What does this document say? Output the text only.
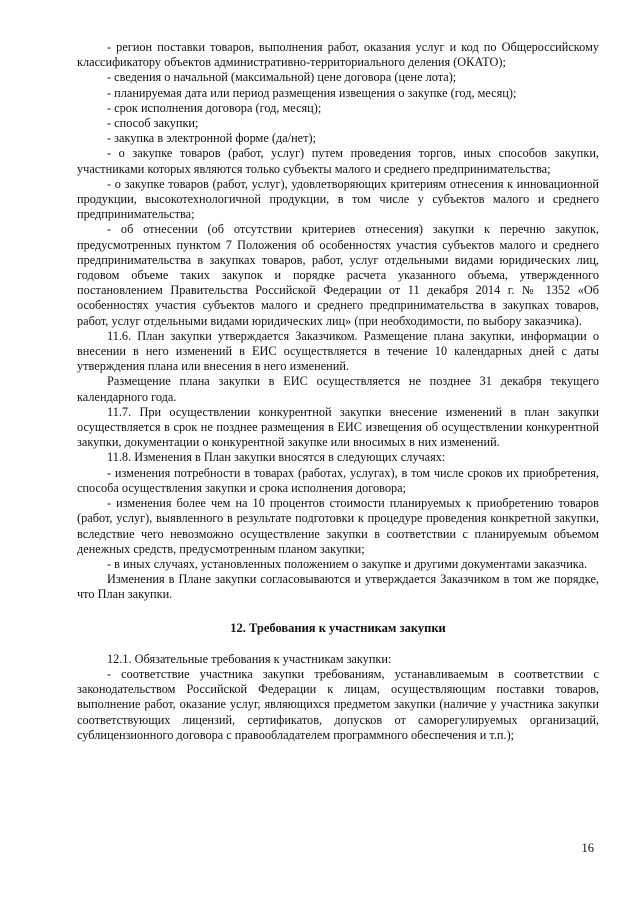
- регион поставки товаров, выполнения работ, оказания услуг и код по Общероссийскому классификатору объектов административно-территориального деления (ОКАТО);

- сведения о начальной (максимальной) цене договора (цене лота);

- планируемая дата или период размещения извещения о закупке (год, месяц);

- срок исполнения договора (год, месяц);

- способ закупки;

- закупка в электронной форме (да/нет);

- о закупке товаров (работ, услуг) путем проведения торгов, иных способов закупки, участниками которых являются только субъекты малого и среднего предпринимательства;

- о закупке товаров (работ, услуг), удовлетворяющих критериям отнесения к инновационной продукции, высокотехнологичной продукции, в том числе у субъектов малого и среднего предпринимательства;

- об отнесении (об отсутствии критериев отнесения) закупки к перечню закупок, предусмотренных пунктом 7 Положения об особенностях участия субъектов малого и среднего предпринимательства в закупках товаров, работ, услуг отдельными видами юридических лиц, годовом объеме таких закупок и порядке расчета указанного объема, утвержденного постановлением Правительства Российской Федерации от 11 декабря 2014 г. № 1352 «Об особенностях участия субъектов малого и среднего предпринимательства в закупках товаров, работ, услуг отдельными видами юридических лиц» (при необходимости, по выбору заказчика).

11.6. План закупки утверждается Заказчиком. Размещение плана закупки, информации о внесении в него изменений в ЕИС осуществляется в течение 10 календарных дней с даты утверждения плана или внесения в него изменений.

Размещение плана закупки в ЕИС осуществляется не позднее 31 декабря текущего календарного года.

11.7. При осуществлении конкурентной закупки внесение изменений в план закупки осуществляется в срок не позднее размещения в ЕИС извещения об осуществлении конкурентной закупки, документации о конкурентной закупке или вносимых в них изменений.

11.8. Изменения в План закупки вносятся в следующих случаях:

- изменения потребности в товарах (работах, услугах), в том числе сроков их приобретения, способа осуществления закупки и срока исполнения договора;

- изменения более чем на 10 процентов стоимости планируемых к приобретению товаров (работ, услуг), выявленного в результате подготовки к процедуре проведения конкретной закупки, вследствие чего невозможно осуществление закупки в соответствии с планируемым объемом денежных средств, предусмотренным планом закупки;

- в иных случаях, установленных положением о закупке и другими документами заказчика.

Изменения в Плане закупки согласовываются и утверждается Заказчиком в том же порядке, что План закупки.

12. Требования к участникам закупки

12.1. Обязательные требования к участникам закупки:

- соответствие участника закупки требованиям, устанавливаемым в соответствии с законодательством Российской Федерации к лицам, осуществляющим поставки товаров, выполнение работ, оказание услуг, являющихся предметом закупки (наличие у участника закупки соответствующих лицензий, сертификатов, допусков от саморегулируемых организаций, сублицензионного договора с правообладателем программного обеспечения и т.п.);

16
